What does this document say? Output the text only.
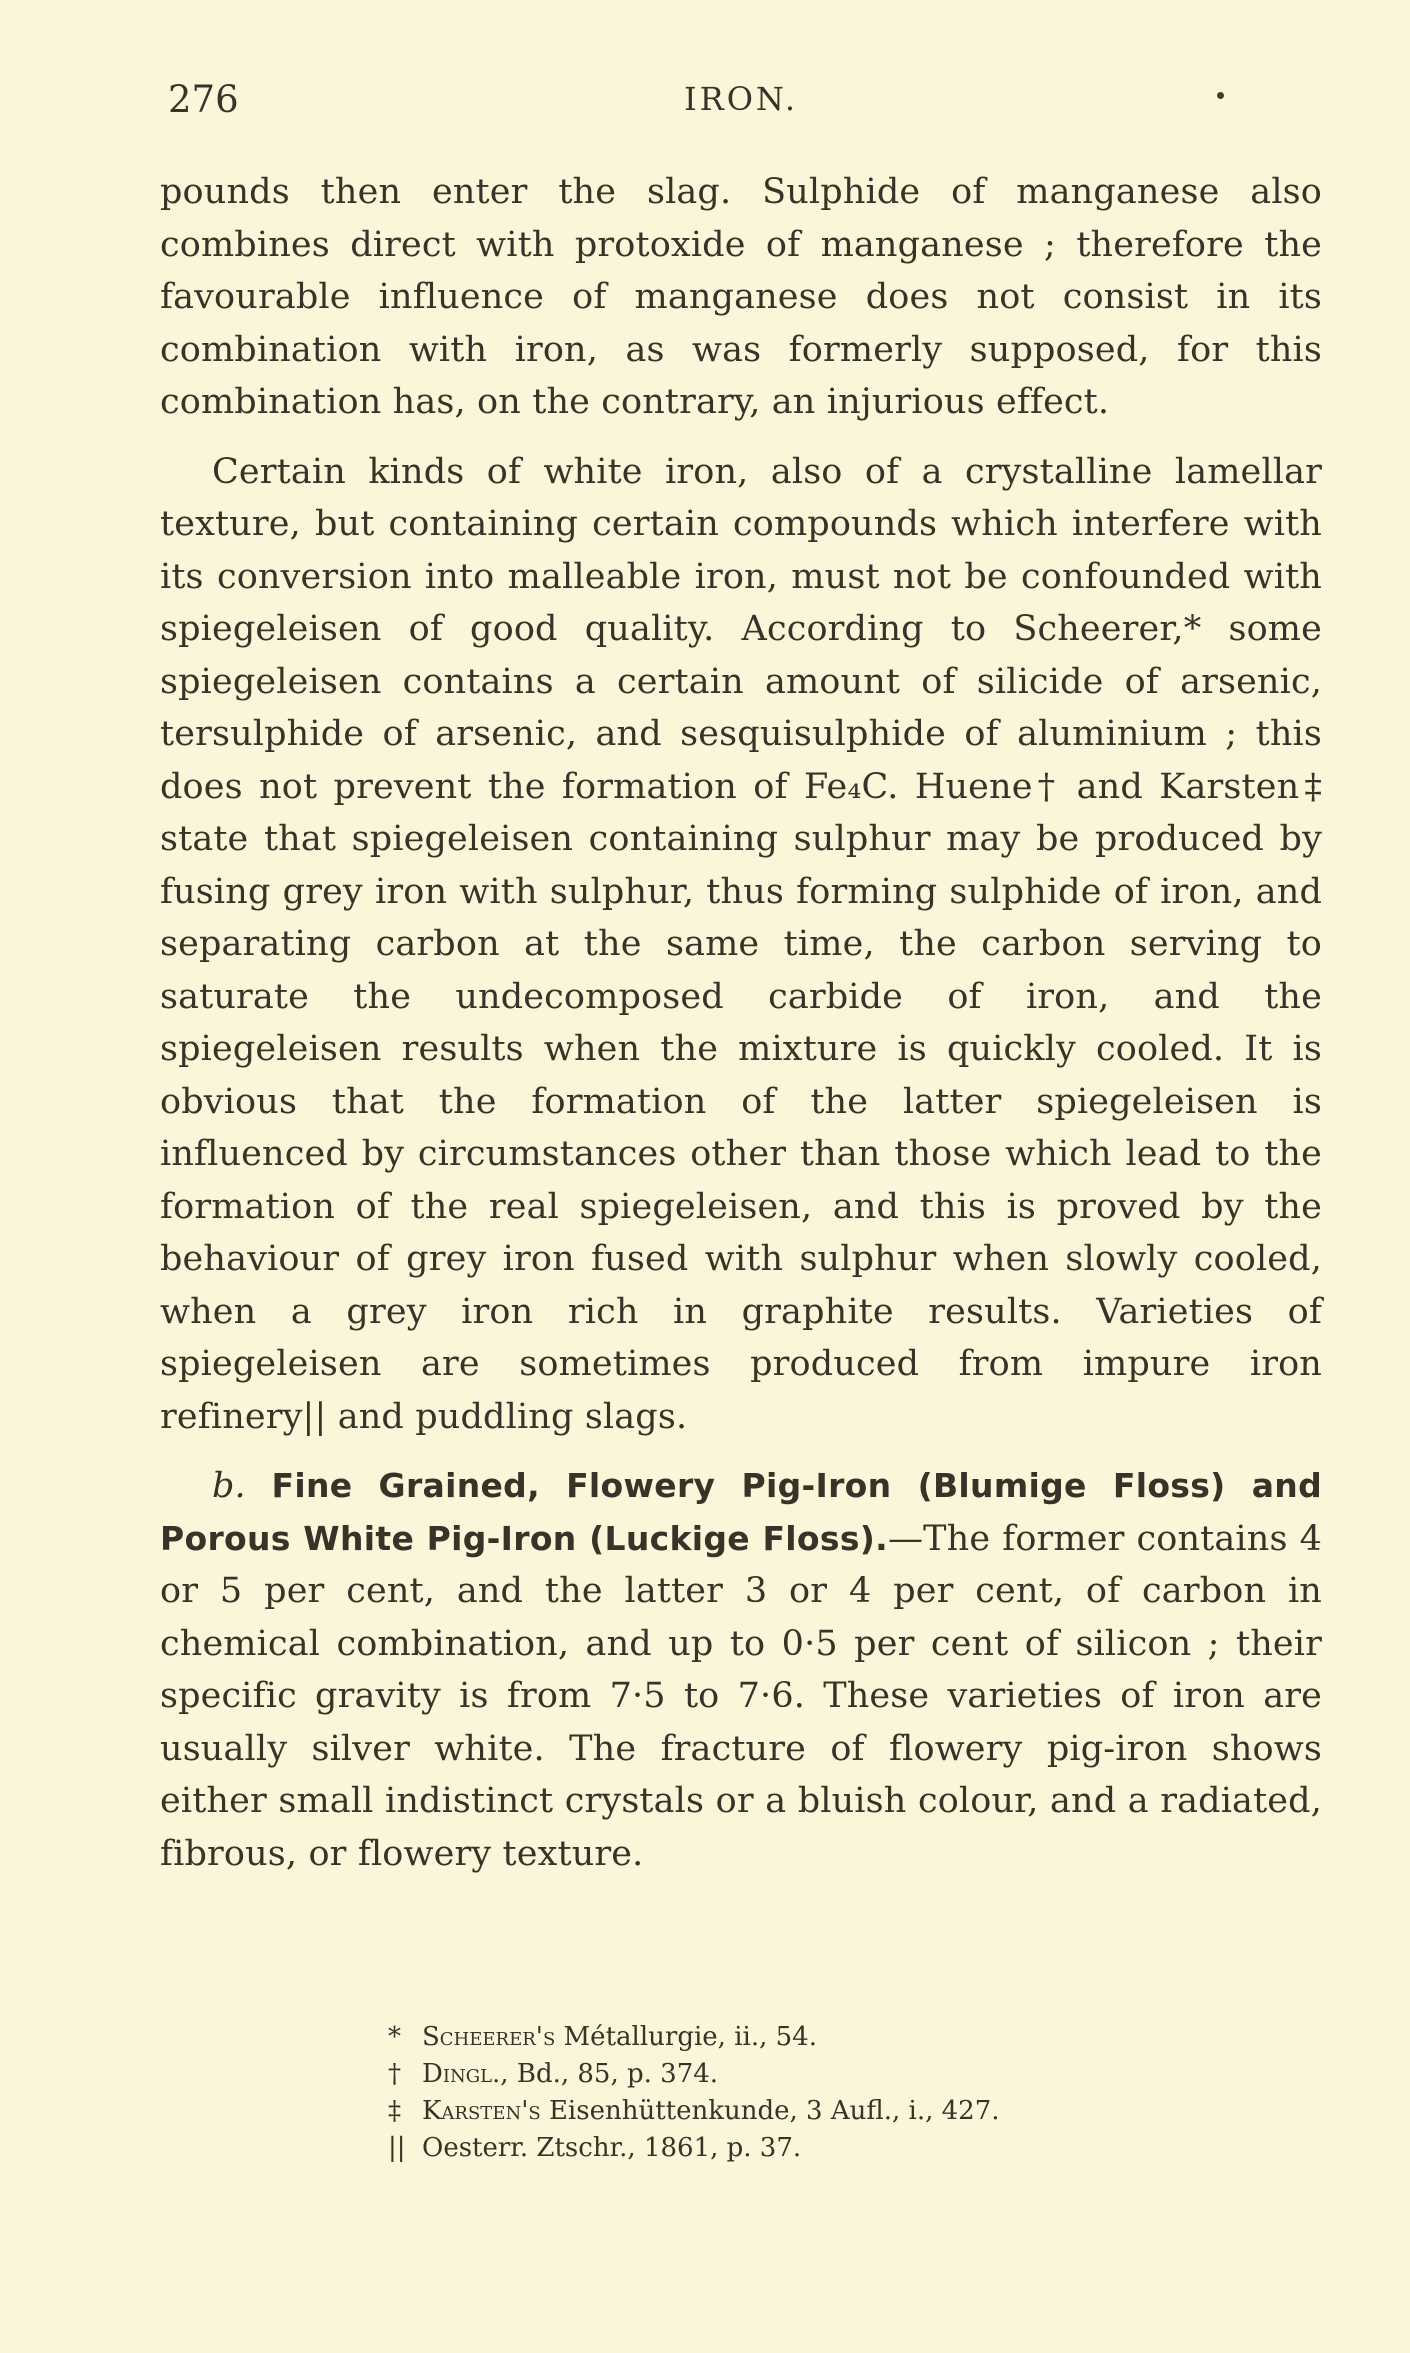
276	IRON.

pounds then enter the slag. Sulphide of manganese also combines direct with protoxide of manganese ; therefore the favourable influence of manganese does not consist in its combination with iron, as was formerly supposed, for this combination has, on the contrary, an injurious effect.

Certain kinds of white iron, also of a crystalline lamellar texture, but containing certain compounds which interfere with its conversion into malleable iron, must not be confounded with spiegeleisen of good quality. According to Scheerer,* some spiegeleisen contains a certain amount of silicide of arsenic, tersulphide of arsenic, and sesquisulphide of aluminium ; this does not prevent the formation of Fe₄C. Huene† and Karsten‡ state that spiegeleisen containing sulphur may be produced by fusing grey iron with sulphur, thus forming sulphide of iron, and separating carbon at the same time, the carbon serving to saturate the undecomposed carbide of iron, and the spiegeleisen results when the mixture is quickly cooled. It is obvious that the formation of the latter spiegeleisen is influenced by circumstances other than those which lead to the formation of the real spiegeleisen, and this is proved by the behaviour of grey iron fused with sulphur when slowly cooled, when a grey iron rich in graphite results. Varieties of spiegeleisen are sometimes produced from impure iron refinery|| and puddling slags.

b. Fine Grained, Flowery Pig-Iron (Blumige Floss) and Porous White Pig-Iron (Luckige Floss).—The former contains 4 or 5 per cent, and the latter 3 or 4 per cent, of carbon in chemical combination, and up to 0·5 per cent of silicon ; their specific gravity is from 7·5 to 7·6. These varieties of iron are usually silver white. The fracture of flowery pig-iron shows either small indistinct crystals or a bluish colour, and a radiated, fibrous, or flowery texture.

* Scheerer's Métallurgie, ii., 54.
† Dingl., Bd., 85, p. 374.
‡ Karsten's Eisenhüttenkunde, 3 Aufl., i., 427.
|| Oesterr. Ztschr., 1861, p. 37.
